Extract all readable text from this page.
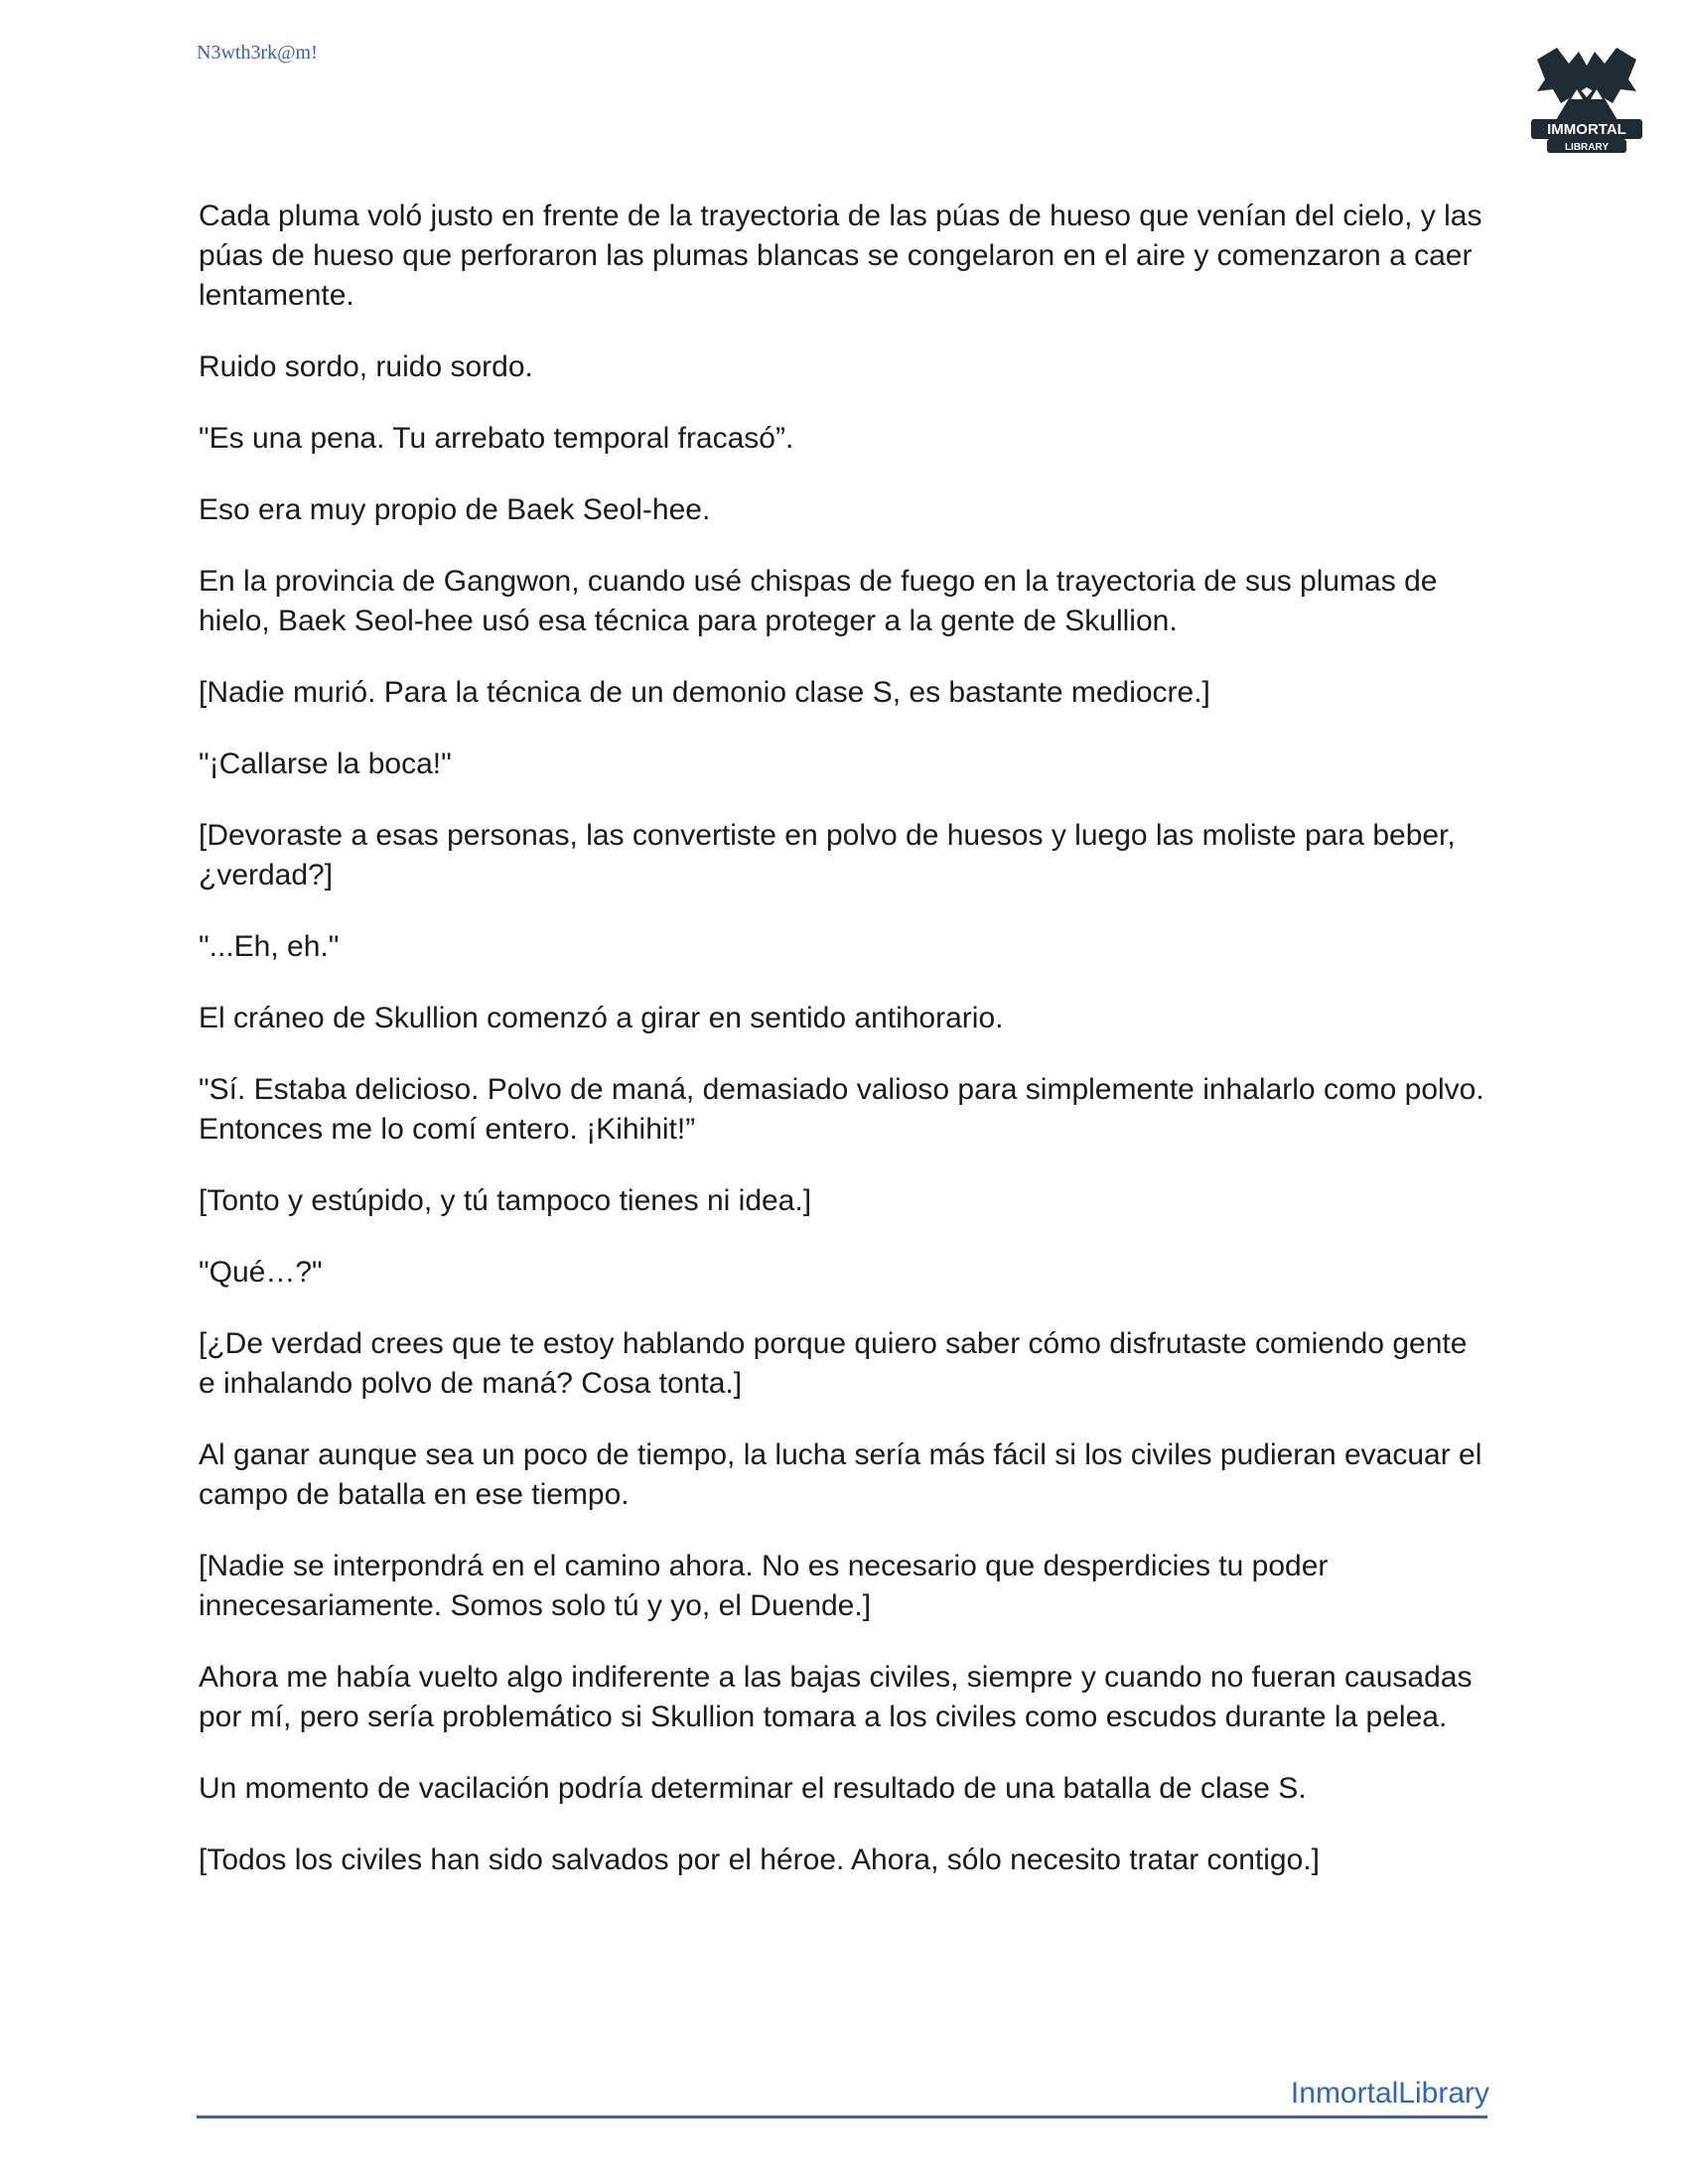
N3wth3rk@m!
IMMORTAL
LIBRARY

Cada pluma voló justo en frente de la trayectoria de las púas de hueso que venían del cielo, y las púas de hueso que perforaron las plumas blancas se congelaron en el aire y comenzaron a caer lentamente.

Ruido sordo, ruido sordo.

"Es una pena. Tu arrebato temporal fracasó”.

Eso era muy propio de Baek Seol-hee.

En la provincia de Gangwon, cuando usé chispas de fuego en la trayectoria de sus plumas de hielo, Baek Seol-hee usó esa técnica para proteger a la gente de Skullion.

[Nadie murió. Para la técnica de un demonio clase S, es bastante mediocre.]

"¡Callarse la boca!"

[Devoraste a esas personas, las convertiste en polvo de huesos y luego las moliste para beber, ¿verdad?]

"...Eh, eh."

El cráneo de Skullion comenzó a girar en sentido antihorario.

"Sí. Estaba delicioso. Polvo de maná, demasiado valioso para simplemente inhalarlo como polvo. Entonces me lo comí entero. ¡Kihihit!”

[Tonto y estúpido, y tú tampoco tienes ni idea.]

"Qué…?"

[¿De verdad crees que te estoy hablando porque quiero saber cómo disfrutaste comiendo gente e inhalando polvo de maná? Cosa tonta.]

Al ganar aunque sea un poco de tiempo, la lucha sería más fácil si los civiles pudieran evacuar el campo de batalla en ese tiempo.

[Nadie se interpondrá en el camino ahora. No es necesario que desperdicies tu poder innecesariamente. Somos solo tú y yo, el Duende.]

Ahora me había vuelto algo indiferente a las bajas civiles, siempre y cuando no fueran causadas por mí, pero sería problemático si Skullion tomara a los civiles como escudos durante la pelea.

Un momento de vacilación podría determinar el resultado de una batalla de clase S.

[Todos los civiles han sido salvados por el héroe. Ahora, sólo necesito tratar contigo.]

InmortalLibrary
